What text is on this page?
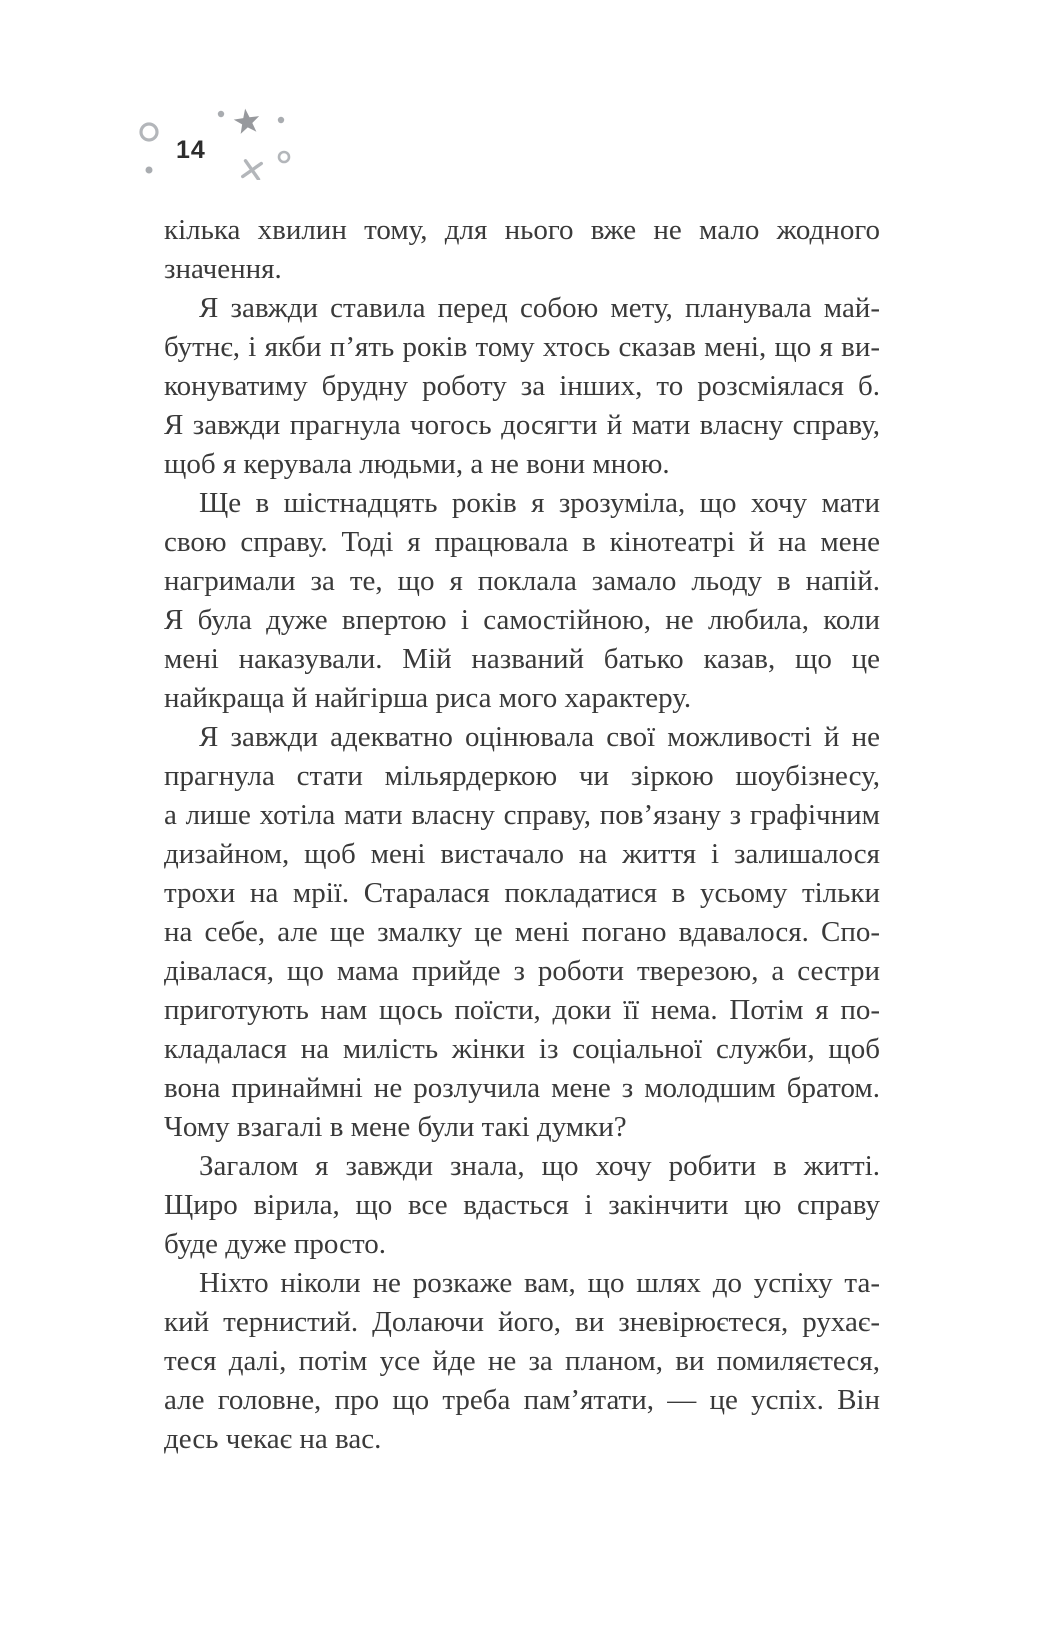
14
кілька хвилин тому, для нього вже не мало жодного
значення.
Я завжди ставила перед собою мету, планувала май-
бутнє, і якби п’ять років тому хтось сказав мені, що я ви-
конуватиму брудну роботу за інших, то розсміялася б.
Я завжди прагнула чогось досягти й мати власну справу,
щоб я керувала людьми, а не вони мною.
Ще в шістнадцять років я зрозуміла, що хочу мати
свою справу. Тоді я працювала в кінотеатрі й на мене
нагримали за те, що я поклала замало льоду в напій.
Я була дуже впертою і самостійною, не любила, коли
мені наказували. Мій названий батько казав, що це
найкраща й найгірша риса мого характеру.
Я завжди адекватно оцінювала свої можливості й не
прагнула стати мільярдеркою чи зіркою шоубізнесу,
а лише хотіла мати власну справу, пов’язану з графічним
дизайном, щоб мені вистачало на життя і залишалося
трохи на мрії. Старалася покладатися в усьому тільки
на себе, але ще змалку це мені погано вдавалося. Спо-
дівалася, що мама прийде з роботи тверезою, а сестри
приготують нам щось поїсти, доки її нема. Потім я по-
кладалася на милість жінки із соціальної служби, щоб
вона принаймні не розлучила мене з молодшим братом.
Чому взагалі в мене були такі думки?
Загалом я завжди знала, що хочу робити в житті.
Щиро вірила, що все вдасться і закінчити цю справу
буде дуже просто.
Ніхто ніколи не розкаже вам, що шлях до успіху та-
кий тернистий. Долаючи його, ви зневірюєтеся, рухає-
теся далі, потім усе йде не за планом, ви помиляєтеся,
але головне, про що треба пам’ятати, — це успіх. Він
десь чекає на вас.
